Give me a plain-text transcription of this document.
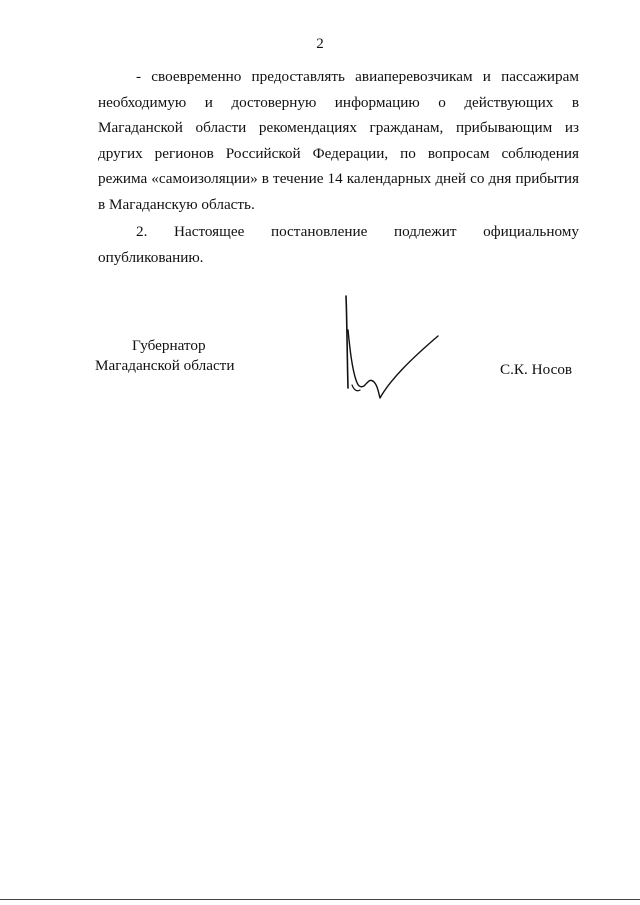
2
- своевременно предоставлять авиаперевозчикам и пассажирам
необходимую и достоверную информацию о действующих в
Магаданской области рекомендациях гражданам, прибывающим из
других регионов Российской Федерации, по вопросам соблюдения
режима «самоизоляции» в течение 14 календарных дней со дня прибытия
в Магаданскую область.
2. Настоящее постановление подлежит официальному
опубликованию.
Губернатор
Магаданской области	С.К. Носов
